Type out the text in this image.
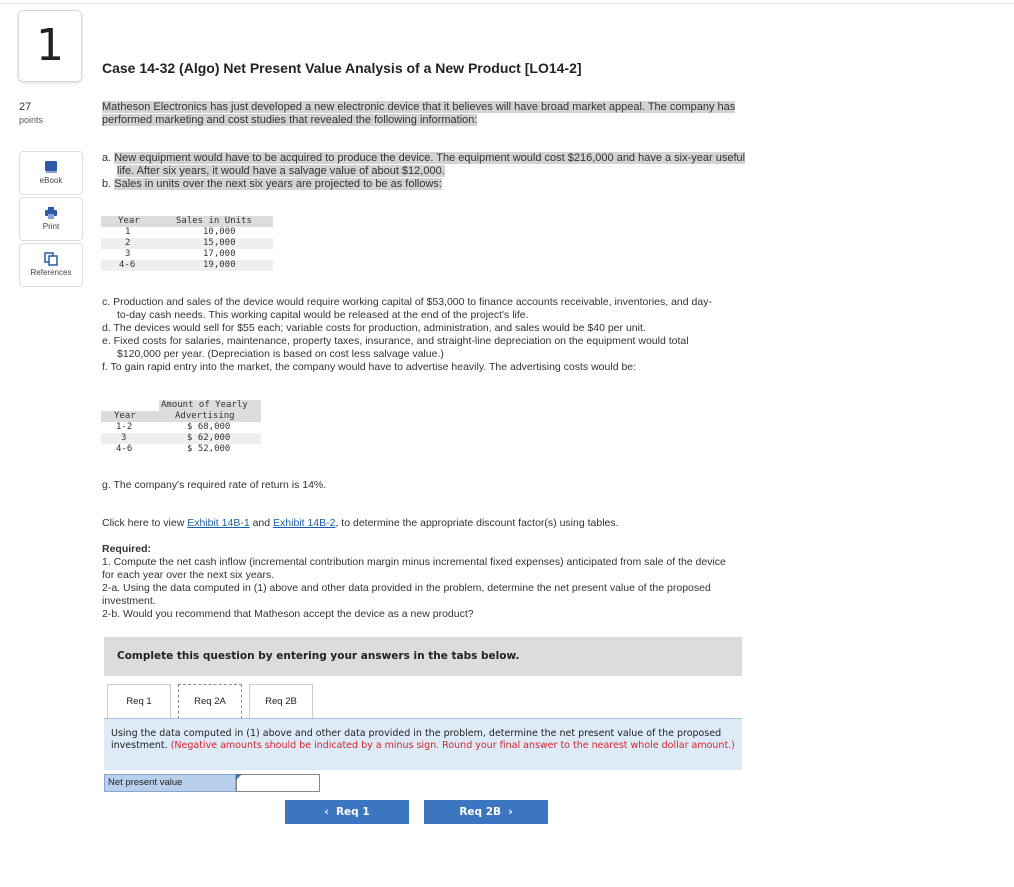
1
27
points
eBook
Print
References
Case 14-32 (Algo) Net Present Value Analysis of a New Product [LO14-2]
Matheson Electronics has just developed a new electronic device that it believes will have broad market appeal. The company has
performed marketing and cost studies that revealed the following information:
a. New equipment would have to be acquired to produce the device. The equipment would cost $216,000 and have a six-year useful
life. After six years, it would have a salvage value of about $12,000.
b. Sales in units over the next six years are projected to be as follows:
Year	Sales in Units
1	10,000
2	15,000
3	17,000
4-6	19,000
c. Production and sales of the device would require working capital of $53,000 to finance accounts receivable, inventories, and day-
to-day cash needs. This working capital would be released at the end of the project's life.
d. The devices would sell for $55 each; variable costs for production, administration, and sales would be $40 per unit.
e. Fixed costs for salaries, maintenance, property taxes, insurance, and straight-line depreciation on the equipment would total
$120,000 per year. (Depreciation is based on cost less salvage value.)
f. To gain rapid entry into the market, the company would have to advertise heavily. The advertising costs would be:
Amount of Yearly
Year	Advertising
1-2	$ 68,000
3	$ 62,000
4-6	$ 52,000
g. The company's required rate of return is 14%.
Click here to view Exhibit 14B-1 and Exhibit 14B-2, to determine the appropriate discount factor(s) using tables.
Required:
1. Compute the net cash inflow (incremental contribution margin minus incremental fixed expenses) anticipated from sale of the device
for each year over the next six years.
2-a. Using the data computed in (1) above and other data provided in the problem, determine the net present value of the proposed
investment.
2-b. Would you recommend that Matheson accept the device as a new product?
Complete this question by entering your answers in the tabs below.
Req 1	Req 2A	Req 2B
Using the data computed in (1) above and other data provided in the problem, determine the net present value of the proposed investment. (Negative amounts should be indicated by a minus sign. Round your final answer to the nearest whole dollar amount.)
Net present value
‹ Req 1	Req 2B ›
